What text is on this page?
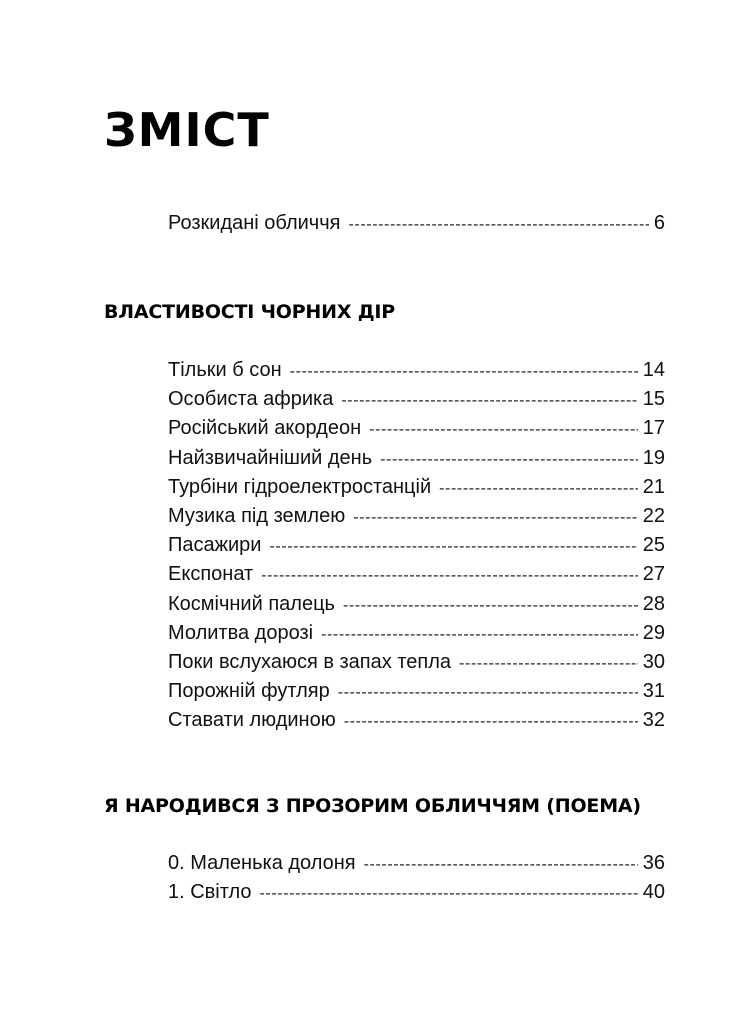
ЗМІСТ
Розкидані обличчя -----	6
ВЛАСТИВОСТІ ЧОРНИХ ДІР
Тільки б сон -----	14
Особиста африка -----	15
Російський акордеон -----	17
Найзвичайніший день -----	19
Турбіни гідроелектростанцій -----	21
Музика під землею -----	22
Пасажири -----	25
Експонат -----	27
Космічний палець -----	28
Молитва дорозі -----	29
Поки вслухаюся в запах тепла -----	30
Порожній футляр -----	31
Ставати людиною -----	32
Я НАРОДИВСЯ З ПРОЗОРИМ ОБЛИЧЧЯМ (ПОЕМА)
0. Маленька долоня -----	36
1. Світло -----	40
